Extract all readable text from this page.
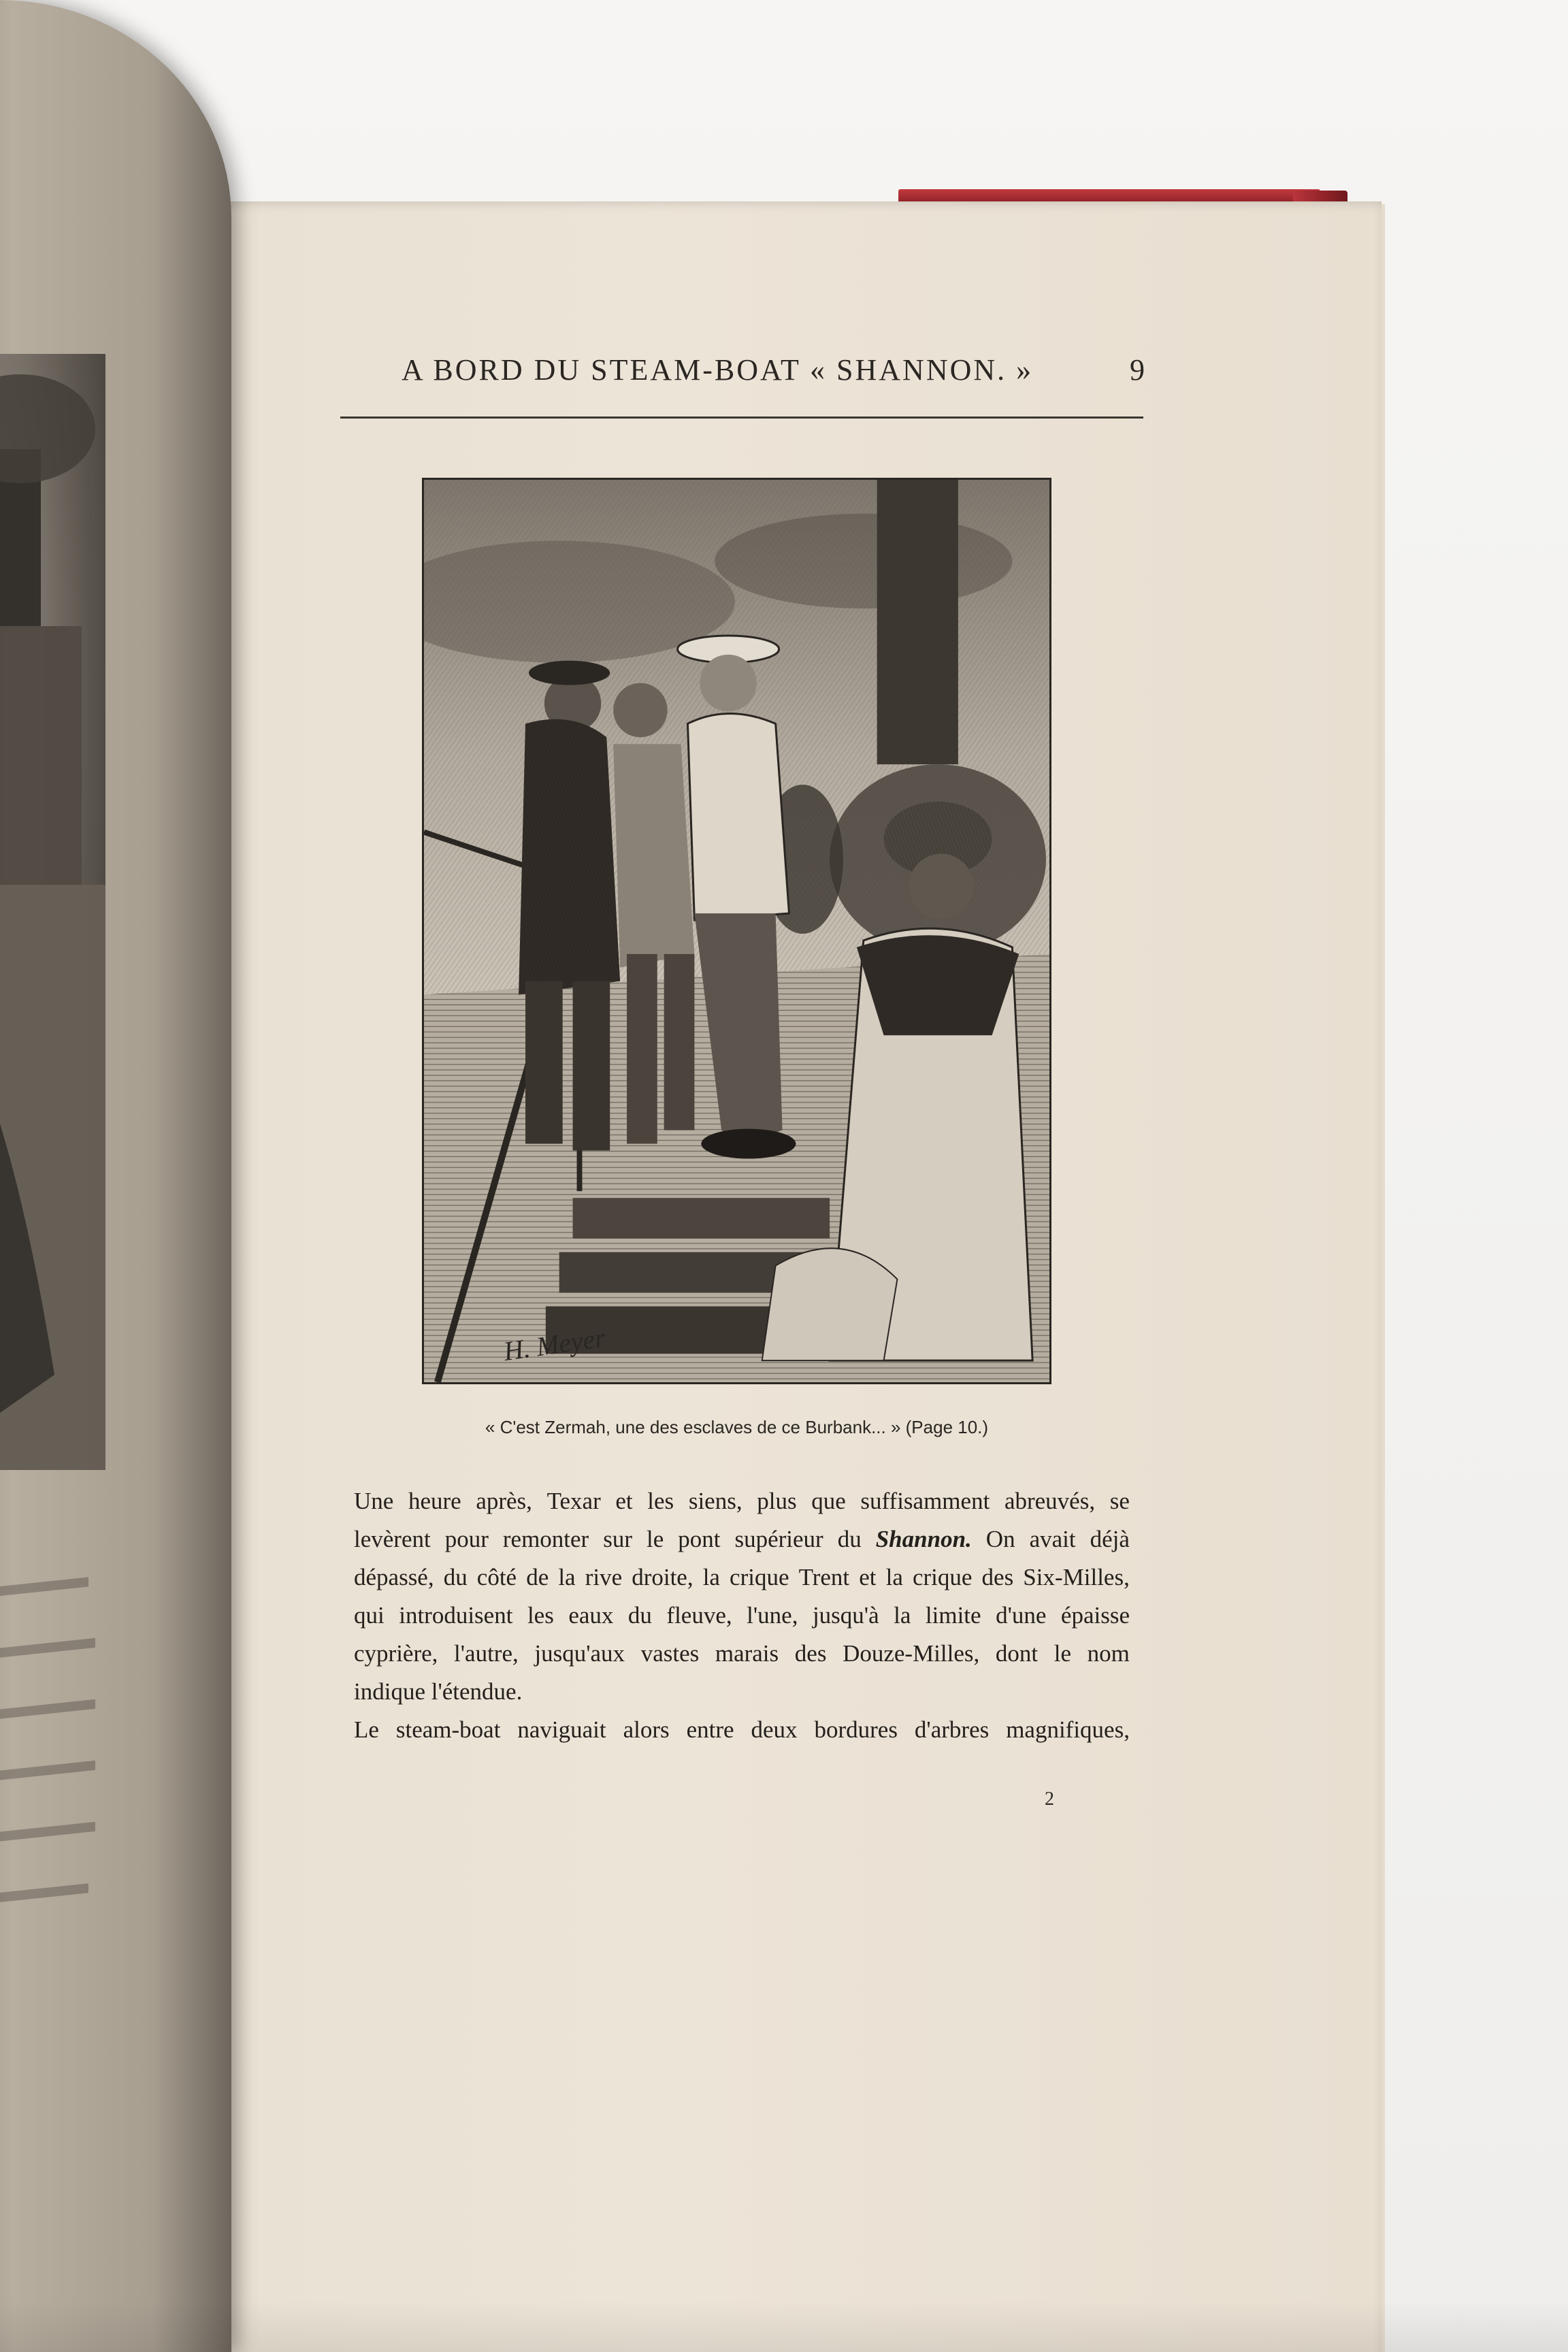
A BORD DU STEAM-BOAT « SHANNON. »	9
H. Meyer
« C'est Zermah, une des esclaves de ce Burbank... » (Page 10.)
Une heure après, Texar et les siens, plus que suffisamment abreuvés, se
levèrent pour remonter sur le pont supérieur du Shannon. On avait déjà
dépassé, du côté de la rive droite, la crique Trent et la crique des Six-Milles,
qui introduisent les eaux du fleuve, l'une, jusqu'à la limite d'une épaisse
cyprière, l'autre, jusqu'aux vastes marais des Douze-Milles, dont le nom
indique l'étendue.
Le steam-boat naviguait alors entre deux bordures d'arbres magnifiques,
2
